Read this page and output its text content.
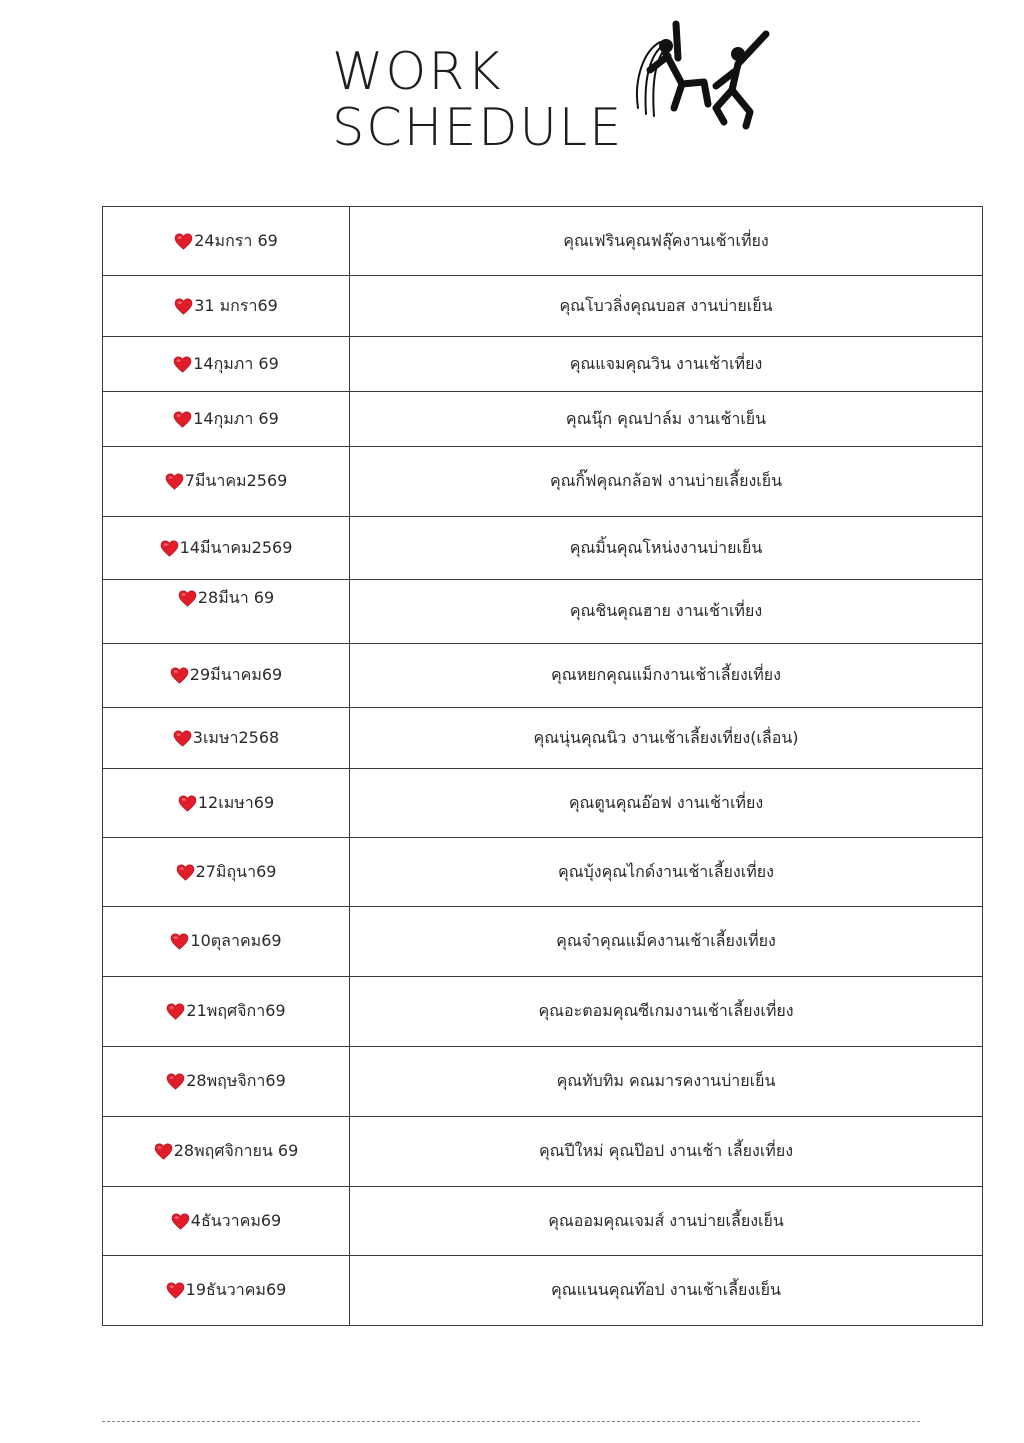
WORK
SCHEDULE
24มกรา 69	คุณเฟรินคุณฟลุ๊คงานเช้าเที่ยง

31 มกรา69	คุณโบวลิ่งคุณบอส งานบ่ายเย็น

14กุมภา 69	คุณแจมคุณวิน งานเช้าเที่ยง

14กุมภา 69	คุณนุ๊ก คุณปาล์ม งานเช้าเย็น

7มีนาคม2569	คุณกิ๊ฟคุณกล้อฟ งานบ่ายเลี้ยงเย็น

14มีนาคม2569	คุณมิ้นคุณโหน่งงานบ่ายเย็น

28มีนา 69	คุณชินคุณฮาย งานเช้าเที่ยง

29มีนาคม69	คุณหยกคุณแม็กงานเช้าเลี้ยงเที่ยง

3เมษา2568	คุณนุ่นคุณนิว งานเช้าเลี้ยงเที่ยง(เลื่อน)

12เมษา69	คุณตูนคุณอ๊อฟ งานเช้าเที่ยง

27มิถุนา69	คุณบุ้งคุณไกด์งานเช้าเลี้ยงเที่ยง

10ตุลาคม69	คุณจ๋าคุณแม็คงานเช้าเลี้ยงเที่ยง

21พฤศจิกา69	คุณอะตอมคุณซีเกมงานเช้าเลี้ยงเที่ยง

28พฤษจิกา69	คุณทับทิม คณมารคงานบ่ายเย็น

28พฤศจิกายน 69	คุณปีใหม่ คุณป๊อป งานเช้า เลี้ยงเที่ยง

4ธันวาคม69	คุณออมคุณเจมส์ งานบ่ายเลี้ยงเย็น

19ธันวาคม69	คุณแนนคุณท๊อป งานเช้าเลี้ยงเย็น
